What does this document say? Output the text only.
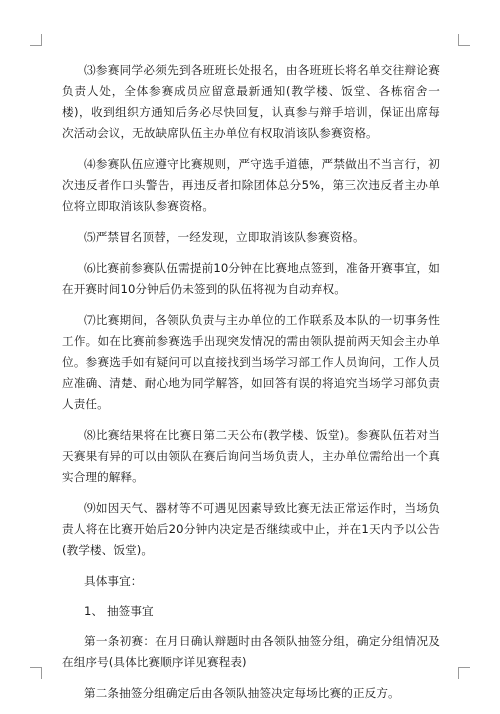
⑶参赛同学必须先到各班班长处报名，由各班班长将名单交往辩论赛负责人处，全体参赛成员应留意最新通知(教学楼、饭堂、各栋宿舍一楼)，收到组织方通知后务必尽快回复，认真参与辩手培训，保证出席每次活动会议，无故缺席队伍主办单位有权取消该队参赛资格。

⑷参赛队伍应遵守比赛规则，严守选手道德，严禁做出不当言行，初次违反者作口头警告，再违反者扣除团体总分5%，第三次违反者主办单位将立即取消该队参赛资格。

⑸严禁冒名顶替，一经发现，立即取消该队参赛资格。

⑹比赛前参赛队伍需提前10分钟在比赛地点签到，准备开赛事宜，如在开赛时间10分钟后仍未签到的队伍将视为自动弃权。

⑺比赛期间，各领队负责与主办单位的工作联系及本队的一切事务性工作。如在比赛前参赛选手出现突发情况的需由领队提前两天知会主办单位。参赛选手如有疑问可以直接找到当场学习部工作人员询问，工作人员应准确、清楚、耐心地为同学解答，如回答有误的将追究当场学习部负责人责任。

⑻比赛结果将在比赛日第二天公布(教学楼、饭堂)。参赛队伍若对当天赛果有异的可以由领队在赛后询问当场负责人，主办单位需给出一个真实合理的解释。

⑼如因天气、器材等不可遇见因素导致比赛无法正常运作时，当场负责人将在比赛开始后20分钟内决定是否继续或中止，并在1天内予以公告(教学楼、饭堂)。

具体事宜：

1、 抽签事宜

第一条初赛：在月日确认辩题时由各领队抽签分组，确定分组情况及在组序号(具体比赛顺序详见赛程表)

第二条抽签分组确定后由各领队抽签决定每场比赛的正反方。
